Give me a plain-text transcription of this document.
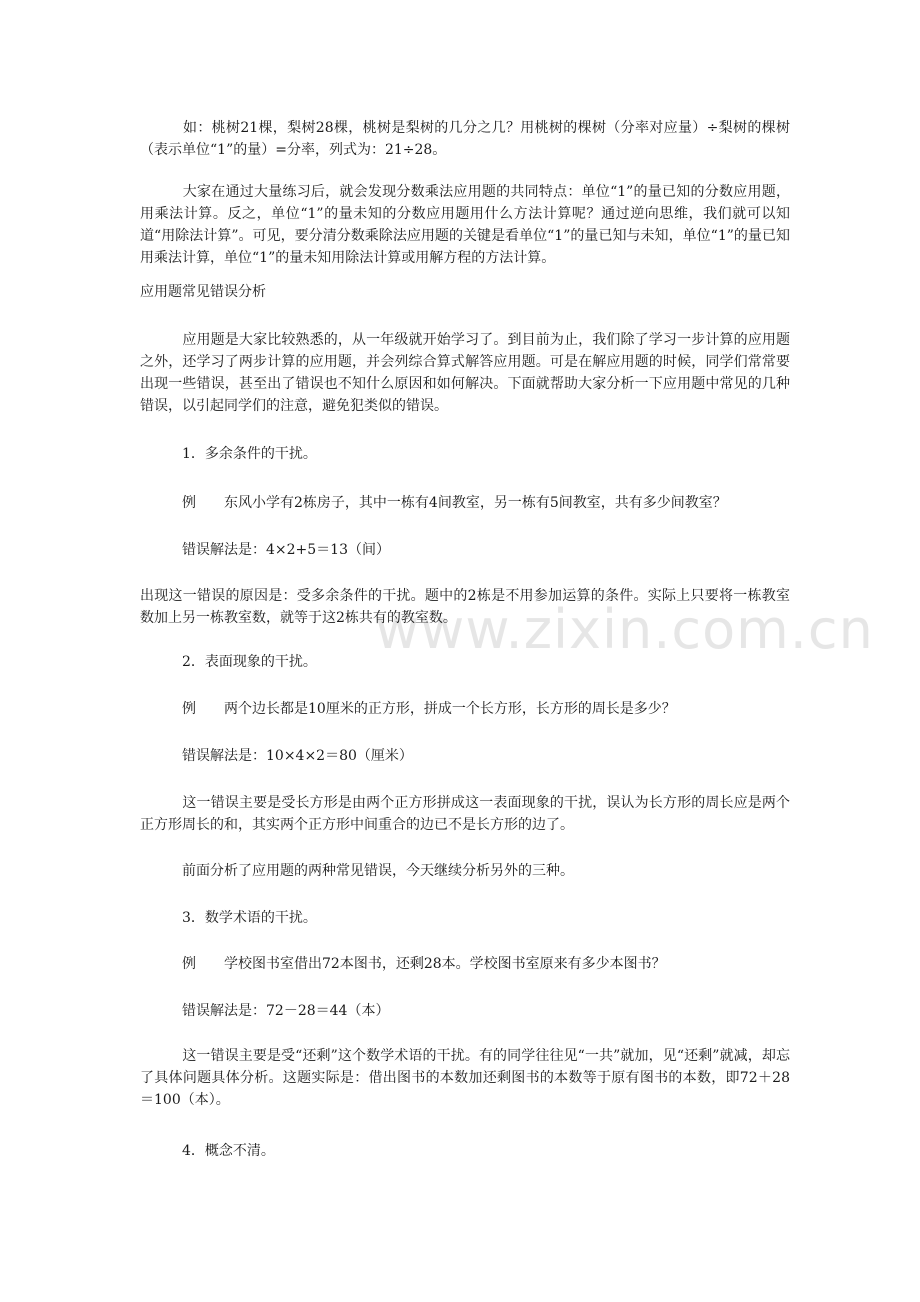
www.zixin.com.cn

　　　如：桃树21棵，梨树28棵，桃树是梨树的几分之几？用桃树的棵树（分率对应量）÷梨树的棵树（表示单位“1”的量）=分率，列式为：21÷28。

　　　大家在通过大量练习后，就会发现分数乘法应用题的共同特点：单位“1”的量已知的分数应用题，用乘法计算。反之，单位“1”的量未知的分数应用题用什么方法计算呢？通过逆向思维，我们就可以知道“用除法计算”。可见，要分清分数乘除法应用题的关键是看单位“1”的量已知与未知，单位“1”的量已知用乘法计算，单位“1”的量未知用除法计算或用解方程的方法计算。

应用题常见错误分析

　　　应用题是大家比较熟悉的，从一年级就开始学习了。到目前为止，我们除了学习一步计算的应用题之外，还学习了两步计算的应用题，并会列综合算式解答应用题。可是在解应用题的时候，同学们常常要出现一些错误，甚至出了错误也不知什么原因和如何解决。下面就帮助大家分析一下应用题中常见的几种错误，以引起同学们的注意，避免犯类似的错误。

　　　1．多余条件的干扰。

　　　例　　东风小学有2栋房子，其中一栋有4间教室，另一栋有5间教室，共有多少间教室？

　　　错误解法是：4×2+5＝13（间）

出现这一错误的原因是：受多余条件的干扰。题中的2栋是不用参加运算的条件。实际上只要将一栋教室数加上另一栋教室数，就等于这2栋共有的教室数。

　　　2．表面现象的干扰。

　　　例　　两个边长都是10厘米的正方形，拼成一个长方形，长方形的周长是多少？

　　　错误解法是：10×4×2＝80（厘米）

　　　这一错误主要是受长方形是由两个正方形拼成这一表面现象的干扰，误认为长方形的周长应是两个正方形周长的和，其实两个正方形中间重合的边已不是长方形的边了。

　　　前面分析了应用题的两种常见错误，今天继续分析另外的三种。

　　　3．数学术语的干扰。

　　　例　　学校图书室借出72本图书，还剩28本。学校图书室原来有多少本图书？

　　　错误解法是：72－28＝44（本）

　　　这一错误主要是受“还剩”这个数学术语的干扰。有的同学往往见“一共”就加，见“还剩”就减，却忘了具体问题具体分析。这题实际是：借出图书的本数加还剩图书的本数等于原有图书的本数，即72＋28＝100（本）。

　　　4．概念不清。
